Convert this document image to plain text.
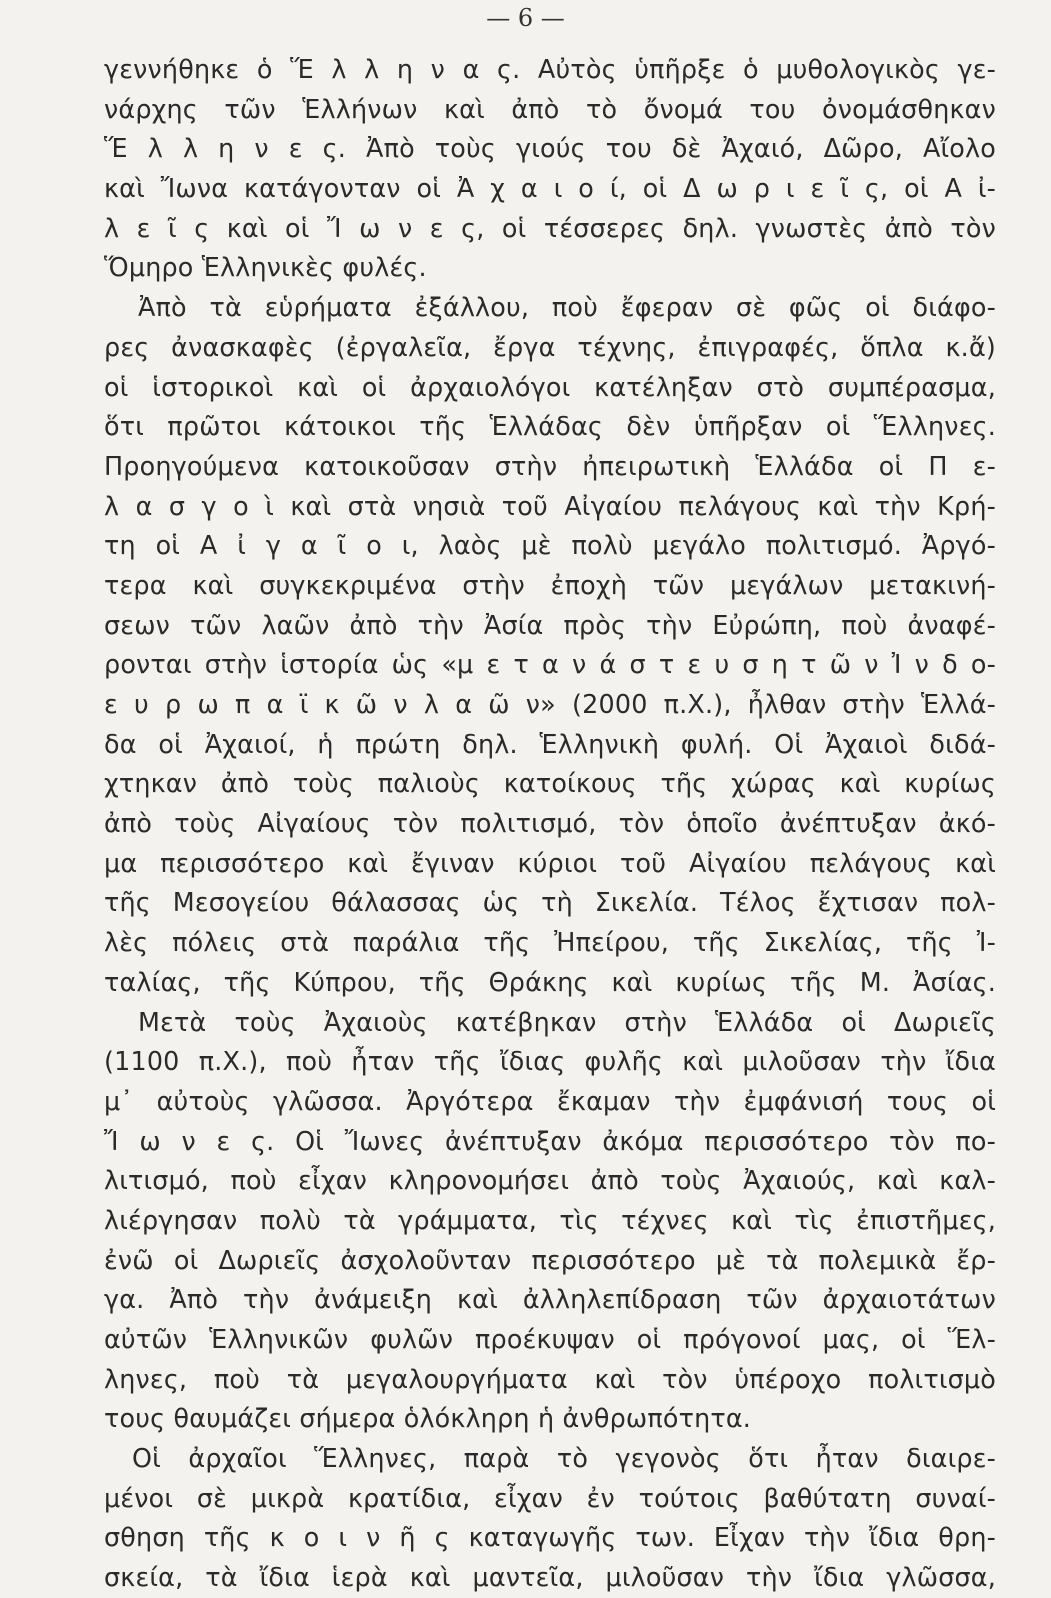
— 6 —
γεννήθηκε ὁ Ἕ λ λ η ν α ς. Αὐτὸς ὑπῆρξε ὁ μυθολογικὸς γε-
νάρχης τῶν Ἑλλήνων καὶ ἀπὸ τὸ ὄνομά του ὀνομάσθηκαν
Ἕ λ λ η ν ε ς. Ἀπὸ τοὺς γιούς του δὲ Ἀχαιό, Δῶρο, Αἴολο
καὶ Ἴωνα κατάγονταν οἱ Ἀ χ α ι ο ί, οἱ Δ ω ρ ι ε ῖ ς, οἱ Α ἰ-
λ ε ῖ ς καὶ οἱ Ἴ ω ν ε ς, οἱ τέσσερες δηλ. γνωστὲς ἀπὸ τὸν
Ὅμηρο Ἑλληνικὲς φυλές.
Ἀπὸ τὰ εὑρήματα ἐξάλλου, ποὺ ἔφεραν σὲ φῶς οἱ διάφο-
ρες ἀνασκαφὲς (ἐργαλεῖα, ἔργα τέχνης, ἐπιγραφές, ὅπλα κ.ἄ)
οἱ ἱστορικοὶ καὶ οἱ ἀρχαιολόγοι κατέληξαν στὸ συμπέρασμα,
ὅτι πρῶτοι κάτοικοι τῆς Ἑλλάδας δὲν ὑπῆρξαν οἱ Ἕλληνες.
Προηγούμενα κατοικοῦσαν στὴν ἠπειρωτικὴ Ἑλλάδα οἱ Π ε-
λ α σ γ ο ὶ καὶ στὰ νησιὰ τοῦ Αἰγαίου πελάγους καὶ τὴν Κρή-
τη οἱ Α ἰ γ α ῖ ο ι, λαὸς μὲ πολὺ μεγάλο πολιτισμό. Ἀργό-
τερα καὶ συγκεκριμένα στὴν ἐποχὴ τῶν μεγάλων μετακινή-
σεων τῶν λαῶν ἀπὸ τὴν Ἀσία πρὸς τὴν Εὐρώπη, ποὺ ἀναφέ-
ρονται στὴν ἱστορία ὡς «μ ε τ α ν ά σ τ ε υ σ η τ ῶ ν Ἰ ν δ ο-
ε υ ρ ω π α ϊ κ ῶ ν λ α ῶ ν» (2000 π.Χ.), ἦλθαν στὴν Ἑλλά-
δα οἱ Ἀχαιοί, ἡ πρώτη δηλ. Ἑλληνικὴ φυλή. Οἱ Ἀχαιοὶ διδά-
χτηκαν ἀπὸ τοὺς παλιοὺς κατοίκους τῆς χώρας καὶ κυρίως
ἀπὸ τοὺς Αἰγαίους τὸν πολιτισμό, τὸν ὁποῖο ἀνέπτυξαν ἀκό-
μα περισσότερο καὶ ἔγιναν κύριοι τοῦ Αἰγαίου πελάγους καὶ
τῆς Μεσογείου θάλασσας ὡς τὴ Σικελία. Τέλος ἔχτισαν πολ-
λὲς πόλεις στὰ παράλια τῆς Ἠπείρου, τῆς Σικελίας, τῆς Ἰ-
ταλίας, τῆς Κύπρου, τῆς Θράκης καὶ κυρίως τῆς Μ. Ἀσίας.
Μετὰ τοὺς Ἀχαιοὺς κατέβηκαν στὴν Ἑλλάδα οἱ Δωριεῖς
(1100 π.Χ.), ποὺ ἦταν τῆς ἴδιας φυλῆς καὶ μιλοῦσαν τὴν ἴδια
μ᾿ αὐτοὺς γλῶσσα. Ἀργότερα ἔκαμαν τὴν ἐμφάνισή τους οἱ
Ἴ ω ν ε ς. Οἱ Ἴωνες ἀνέπτυξαν ἀκόμα περισσότερο τὸν πο-
λιτισμό, ποὺ εἶχαν κληρονομήσει ἀπὸ τοὺς Ἀχαιούς, καὶ καλ-
λιέργησαν πολὺ τὰ γράμματα, τὶς τέχνες καὶ τὶς ἐπιστῆμες,
ἐνῶ οἱ Δωριεῖς ἀσχολοῦνταν περισσότερο μὲ τὰ πολεμικὰ ἔρ-
γα. Ἀπὸ τὴν ἀνάμειξη καὶ ἀλληλεπίδραση τῶν ἀρχαιοτάτων
αὐτῶν Ἑλληνικῶν φυλῶν προέκυψαν οἱ πρόγονοί μας, οἱ Ἕλ-
ληνες, ποὺ τὰ μεγαλουργήματα καὶ τὸν ὑπέροχο πολιτισμὸ
τους θαυμάζει σήμερα ὁλόκληρη ἡ ἀνθρωπότητα.
Οἱ ἀρχαῖοι Ἕλληνες, παρὰ τὸ γεγονὸς ὅτι ἦταν διαιρε-
μένοι σὲ μικρὰ κρατίδια, εἶχαν ἐν τούτοις βαθύτατη συναί-
σθηση τῆς κ ο ι ν ῆ ς καταγωγῆς των. Εἶχαν τὴν ἴδια θρη-
σκεία, τὰ ἴδια ἱερὰ καὶ μαντεῖα, μιλοῦσαν τὴν ἴδια γλῶσσα,
